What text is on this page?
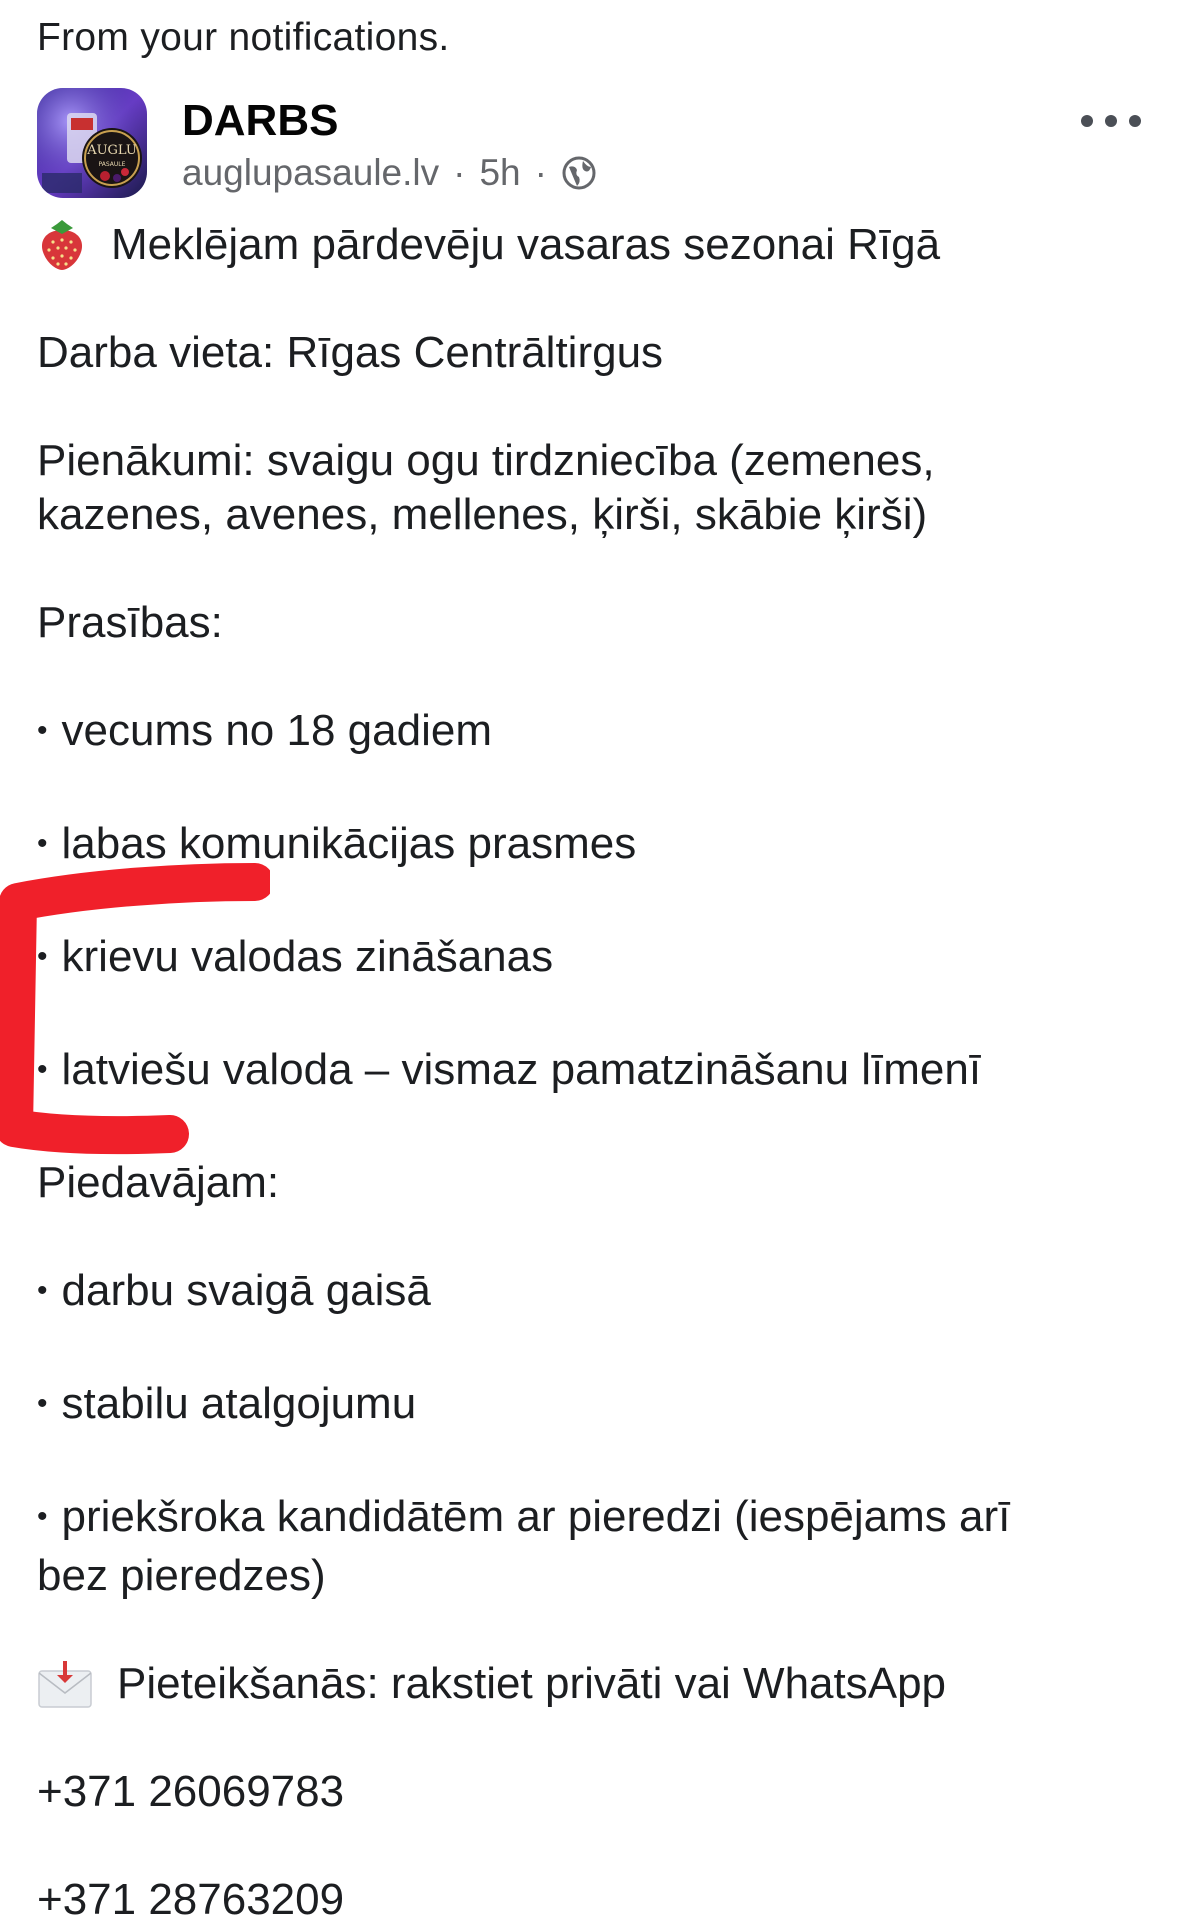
From your notifications.
AUGLU
PASAULE
DARBS
auglupasaule.lv · 5h ·

Meklējam pārdevēju vasaras sezonai Rīgā

Darba vieta: Rīgas Centrāltirgus

Pienākumi: svaigu ogu tirdzniecība (zemenes,

kazenes, avenes, mellenes, ķirši, skābie ķirši)

Prasības:

• vecums no 18 gadiem

• labas komunikācijas prasmes

• krievu valodas zināšanas

• latviešu valoda – vismaz pamatzināšanu līmenī

Piedavājam:

• darbu svaigā gaisā

• stabilu atalgojumu

• priekšroka kandidātēm ar pieredzi (iespējams arī

bez pieredzes)

Pieteikšanās: rakstiet privāti vai WhatsApp

+371 26069783

+371 28763209
